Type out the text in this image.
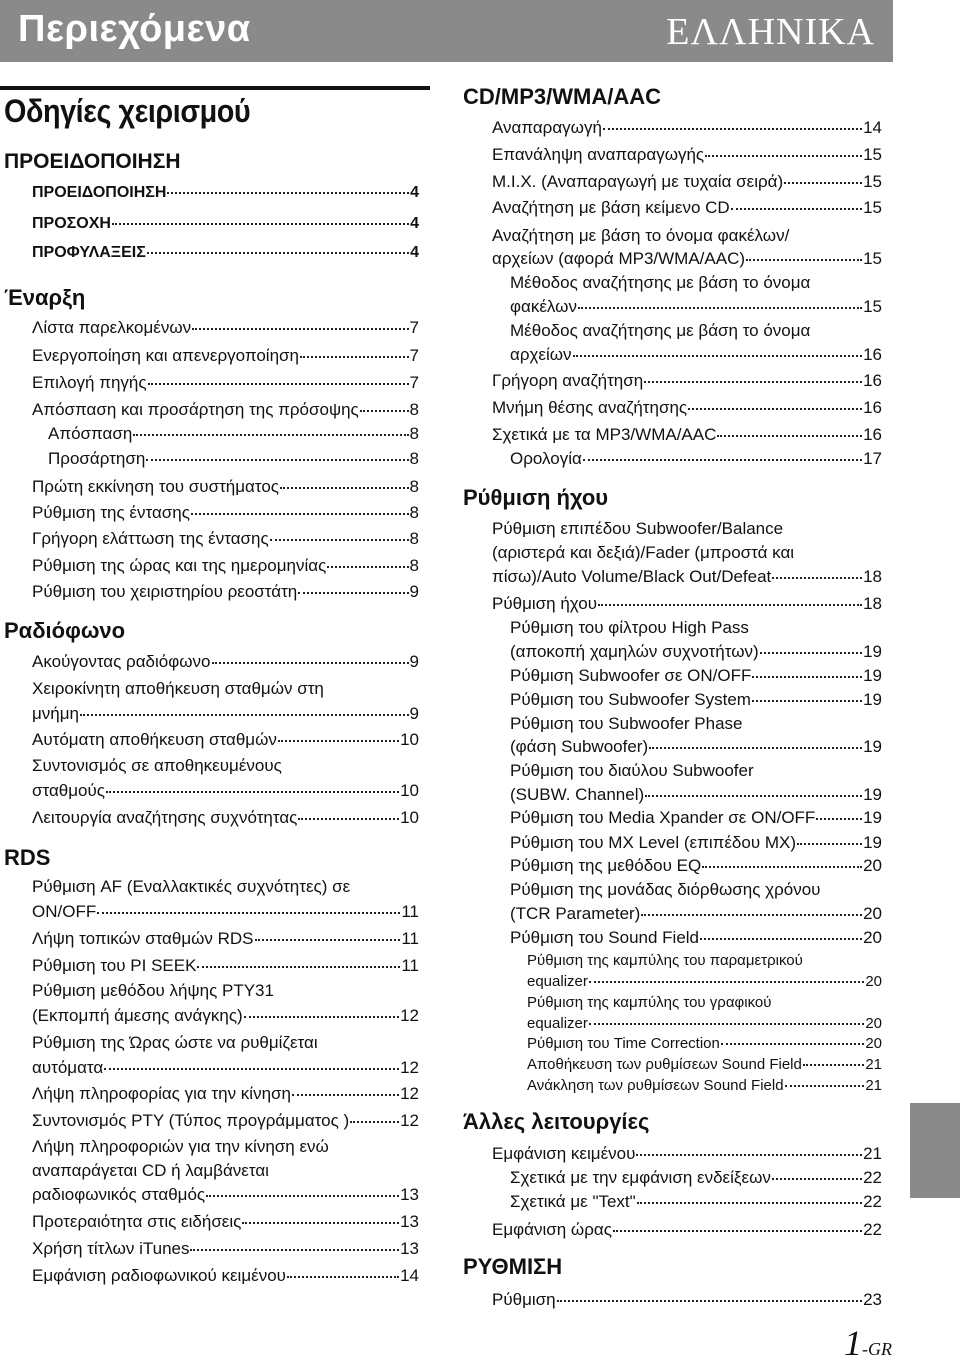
Περιεχόμενα	ΕΛΛΗΝΙΚΑ
Οδηγίες χειρισμού
ΠΡΟΕΙΔΟΠΟΙΗΣΗ
ΠΡΟΕΙΔΟΠΟΙΗΣΗ	4
ΠΡΟΣΟΧΗ	4
ΠΡΟΦΥΛΑΞΕΙΣ	4
Έναρξη
Λίστα παρελκομένων	7
Ενεργοποίηση και απενεργοποίηση	7
Επιλογή πηγής	7
Απόσπαση και προσάρτηση της πρόσοψης	8
Απόσπαση	8
Προσάρτηση	8
Πρώτη εκκίνηση του συστήματος	8
Ρύθμιση της έντασης	8
Γρήγορη ελάττωση της έντασης	8
Ρύθμιση της ώρας και της ημερομηνίας	8
Ρύθμιση του χειριστηρίου ρεοστάτη	9
Ραδιόφωνο
Ακούγοντας ραδιόφωνο	9
Χειροκίνητη αποθήκευση σταθμών στη
μνήμη	9
Αυτόματη αποθήκευση σταθμών	10
Συντονισμός σε αποθηκευμένους
σταθμούς	10
Λειτουργία αναζήτησης συχνότητας	10
RDS
Ρύθμιση AF (Εναλλακτικές συχνότητες) σε
ON/OFF	11
Λήψη τοπικών σταθμών RDS	11
Ρύθμιση του PI SEEK	11
Ρύθμιση μεθόδου λήψης PTY31
(Εκπομπή άμεσης ανάγκης)	12
Ρύθμιση της Ώρας ώστε να ρυθμίζεται
αυτόματα	12
Λήψη πληροφορίας για την κίνηση	12
Συντονισμός PTY (Τύπος προγράμματος )	12
Λήψη πληροφοριών για την κίνηση ενώ
αναπαράγεται CD ή λαμβάνεται
ραδιοφωνικός σταθμός	13
Προτεραιότητα στις ειδήσεις	13
Χρήση τίτλων iTunes	13
Εμφάνιση ραδιοφωνικού κειμένου	14
CD/MP3/WMA/AAC
Αναπαραγωγή	14
Επανάληψη αναπαραγωγής	15
Μ.Ι.Χ. (Αναπαραγωγή με τυχαία σειρά)	15
Αναζήτηση με βάση κείμενο CD	15
Αναζήτηση με βάση το όνομα φακέλων/
αρχείων (αφορά MP3/WMA/AAC)	15
Μέθοδος αναζήτησης με βάση το όνομα
φακέλων	15
Μέθοδος αναζήτησης με βάση το όνομα
αρχείων	16
Γρήγορη αναζήτηση	16
Μνήμη θέσης αναζήτησης	16
Σχετικά με τα MP3/WMA/AAC	16
Ορολογία	17
Ρύθμιση ήχου
Ρύθμιση επιπέδου Subwoofer/Balance
(αριστερά και δεξιά)/Fader (μπροστά και
πίσω)/Auto Volume/Black Out/Defeat	18
Ρύθμιση ήχου	18
Ρύθμιση του φίλτρου High Pass
(αποκοπή χαμηλών συχνοτήτων)	19
Ρύθμιση Subwoofer σε ON/OFF	19
Ρύθμιση του Subwoofer System	19
Ρύθμιση του Subwoofer Phase
(φάση Subwoofer)	19
Ρύθμιση του διαύλου Subwoofer
(SUBW. Channel)	19
Ρύθμιση του Media Xpander σε ON/OFF	19
Ρύθμιση του MX Level (επιπέδου MX)	19
Ρύθμιση της μεθόδου EQ	20
Ρύθμιση της μονάδας διόρθωσης χρόνου
(TCR Parameter)	20
Ρύθμιση του Sound Field	20
Ρύθμιση της καμπύλης του παραμετρικού
equalizer	20
Ρύθμιση της καμπύλης του γραφικού
equalizer	20
Ρύθμιση του Time Correction	20
Αποθήκευση των ρυθμίσεων Sound Field	21
Ανάκληση των ρυθμίσεων Sound Field	21
Άλλες λειτουργίες
Εμφάνιση κειμένου	21
Σχετικά με την εμφάνιση ενδείξεων	22
Σχετικά με "Text"	22
Εμφάνιση ώρας	22
ΡΥΘΜΙΣΗ
Ρύθμιση	23
1-GR
